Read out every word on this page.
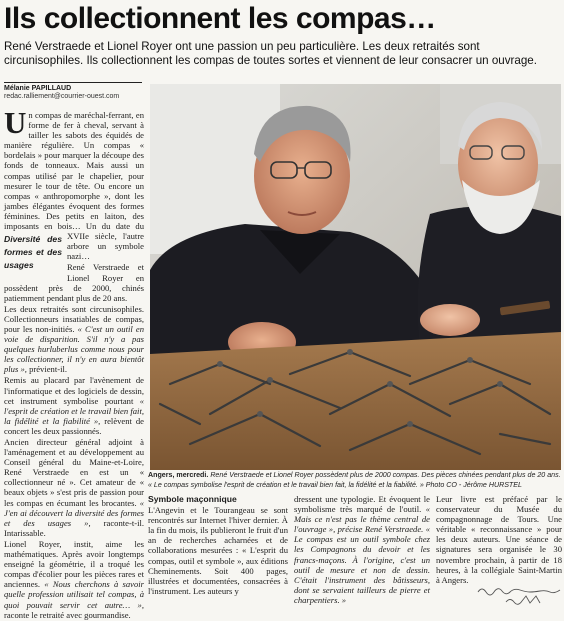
Ils collectionnent les compas…
René Verstraede et Lionel Royer ont une passion un peu particulière. Les deux retraités sont circunisophiles. Ils collectionnent les compas de toutes sortes et viennent de leur consacrer un ouvrage.
Mélanie PAPILLAUD
redac.ralliement@courrier-ouest.com

Un compas de maréchal-ferrant, en forme de fer à cheval, servant à tailler les sabots des équidés de manière régulière. Un compas « bordelais » pour marquer la découpe des fonds de tonneaux. Mais aussi un compas utilisé par le chapelier, pour mesurer le tour de tête. Ou encore un compas « anthropomorphe », dont les jambes élégantes évoquent des formes féminines. Des petits en laiton, des imposants en bois… Un du
Diversité des formes et des usages
date du XVIIe siècle, l'autre arbore un symbole nazi…

René Verstraede et Lionel Royer en possèdent près de 2000, chinés patiemment pendant plus de 20 ans.

Les deux retraités sont circunisophiles. Collectionneurs insatiables de compas, pour les non-initiés. « C'est un outil en voie de disparition. S'il n'y a pas quelques hurluberlus comme nous pour les collectionner, il n'y en aura bientôt plus », prévient-il.

Remis au placard par l'avènement de l'informatique et des logiciels de dessin, cet instrument symbolise pourtant « l'esprit de création et le travail bien fait, la fidélité et la fiabilité », relèvent de concert les deux passionnés.

Ancien directeur général adjoint à l'aménagement et au développement au Conseil général du Maine-et-Loire, René Verstraede en est un « collectionneur né ». Cet amateur de « beaux objets » s'est pris de passion pour les compas en écumant les brocantes. « J'en ai découvert la diversité des formes et des usages », raconte-t-il. Intarissable.

Lionel Royer, instit, aime les mathématiques. Après avoir longtemps enseigné la géométrie, il a troqué les compas d'écolier pour les pièces rares et anciennes. « Nous cherchons à savoir quelle profession utilisait tel compas, à quoi pouvait servir cet autre… », raconte le retraité avec gourmandise.

Angers, mercredi. René Verstraede et Lionel Royer possèdent plus de 2000 compas. Des pièces chinées pendant plus de 20 ans.
« Le compas symbolise l'esprit de création et le travail bien fait, la fidélité et la fiabilité. » Photo CO - Jérôme HURSTEL
Symbole maçonnique

L'Angevin et le Tourangeau se sont rencontrés sur Internet l'hiver dernier. À la fin du mois, ils publieront le fruit d'un an de recherches acharnées et de collaborations mesurées : « L'esprit du compas, outil et symbole », aux éditions Cheminements. Soit 400 pages, illustrées et documentées, consacrées à l'instrument. Les auteurs y

dressent une typologie. Et évoquent le symbolisme très marqué de l'outil. « Mais ce n'est pas le thème central de l'ouvrage », précise René Verstraede. « Le compas est un outil symbole chez les Compagnons du devoir et les francs-maçons. À l'origine, c'est un outil de mesure et non de dessin. C'était l'instrument des bâtisseurs, dont se servaient tailleurs de pierre et charpentiers. »

Leur livre est préfacé par le conservateur du Musée du compagnonnage de Tours. Une véritable « reconnaissance » pour les deux auteurs. Une séance de signatures sera organisée le 30 novembre prochain, à partir de 18 heures, à la collégiale Saint-Martin à Angers.
